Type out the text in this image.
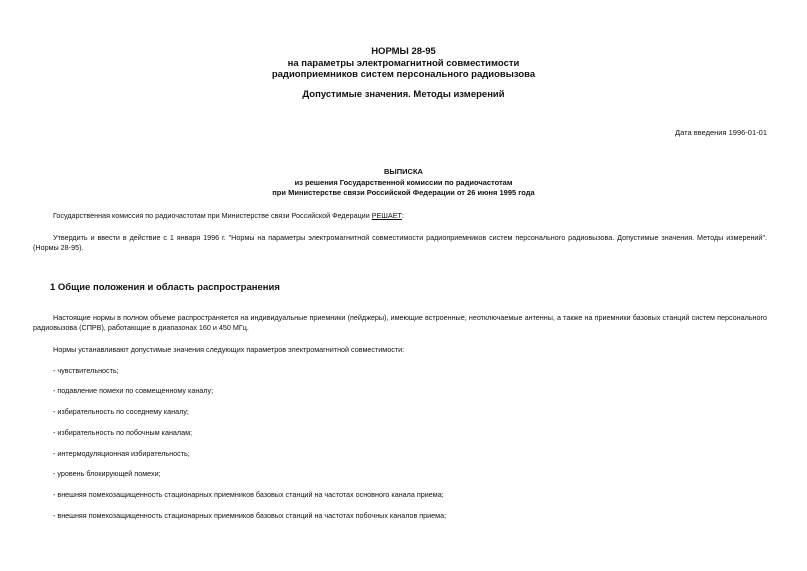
НОРМЫ 28-95
на параметры электромагнитной совместимости
радиоприемников систем персонального радиовызова
Допустимые значения. Методы измерений
Дата введения 1996-01-01
ВЫПИСКА
из решения Государственной комиссии по радиочастотам
при Министерстве связи Российской Федерации от 26 июня 1995 года
Государственная комиссия по радиочастотам при Министерстве связи Российской Федерации РЕШАЕТ:
Утвердить и ввести в действие с 1 января 1996 г. "Нормы на параметры электромагнитной совместимости радиоприемников систем персонального радиовызова. Допустимые значения. Методы измерений".
(Нормы 28-95).
1 Общие положения и область распространения
Настоящие нормы в полном объеме распространяется на индивидуальные приемники (пейджеры), имеющие встроенные, неотключаемые антенны, а также на приемники базовых станций систем персонального
радиовызова (СПРВ), работающие в диапазонах 160 и 450 МГц.
Нормы устанавливают допустимые значения следующих параметров электромагнитной совместимости:
- чувствительность;
- подавление помехи по совмещенному каналу;
- избирательность по соседнему каналу;
- избирательность по побочным каналам;
- интермодуляционная избирательность;
- уровень блокирующей помехи;
- внешняя помехозащищенность стационарных приемников базовых станций на частотах основного канала приема;
- внешняя помехозащищенность стационарных приемников базовых станций на частотах побочных каналов приема;
